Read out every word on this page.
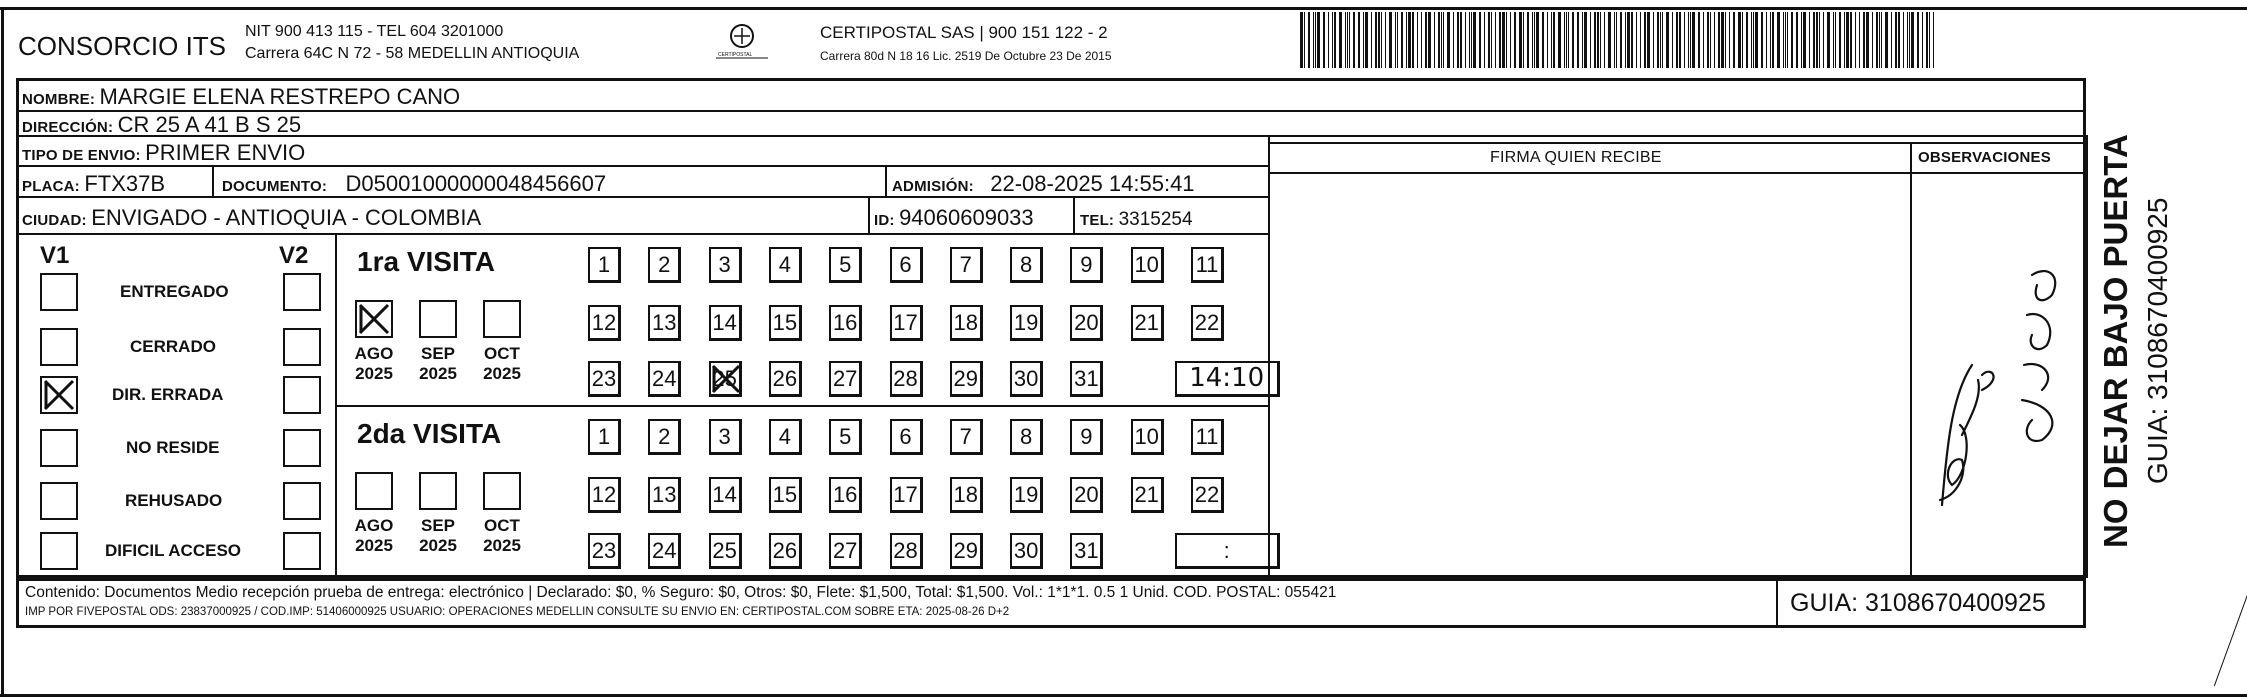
CONSORCIO ITS NIT 900 413 115 - TEL 604 3201000
Carrera 64C N 72 - 58 MEDELLIN ANTIOQUIA	CERTIPOSTAL
CERTIPOSTAL SAS | 900 151 122 - 2
Carrera 80d N 18 16 Lic. 2519 De Octubre 23 De 2015
NOMBRE: MARGIE ELENA RESTREPO CANO
DIRECCIÓN: CR 25 A 41 B S 25
TIPO DE ENVIO: PRIMER ENVIO
PLACA: FTX37B	DOCUMENTO: D05001000000048456607	ADMISIÓN: 22-08-2025 14:55:41
CIUDAD: ENVIGADO - ANTIOQUIA - COLOMBIA	ID: 94060609033	TEL: 3315254
FIRMA QUIEN RECIBE	OBSERVACIONES
V1	V2
ENTREGADO
CERRADO
DIR. ERRADA
NO RESIDE
REHUSADO
DIFICIL ACCESO
1ra VISITA
AGO
2025
SEP
2025
OCT
2025
1	2	3	4	5	6	7	8	9	10 11
12 13 14 15 16 17 18 19 20 21 22
23 24 25 26 27 28 29 30 31	14:10
2da VISITA
AGO
2025
SEP
2025
OCT
2025
1	2	3	4	5	6	7	8	9	10 11
12 13 14 15 16 17 18 19 20 21 22
23 24 25 26 27 28 29 30 31	:
Contenido: Documentos Medio recepción prueba de entrega: electrónico | Declarado: $0, % Seguro: $0, Otros: $0, Flete: $1,500, Total: $1,500. Vol.: 1*1*1. 0.5 1 Unid. COD. POSTAL: 055421
IMP POR FIVEPOSTAL ODS: 23837000925 / COD.IMP: 51406000925 USUARIO: OPERACIONES MEDELLIN CONSULTE SU ENVIO EN: CERTIPOSTAL.COM SOBRE ETA: 2025-08-26 D+2	GUIA: 3108670400925
NO DEJAR BAJO PUERTA GUIA: 3108670400925
